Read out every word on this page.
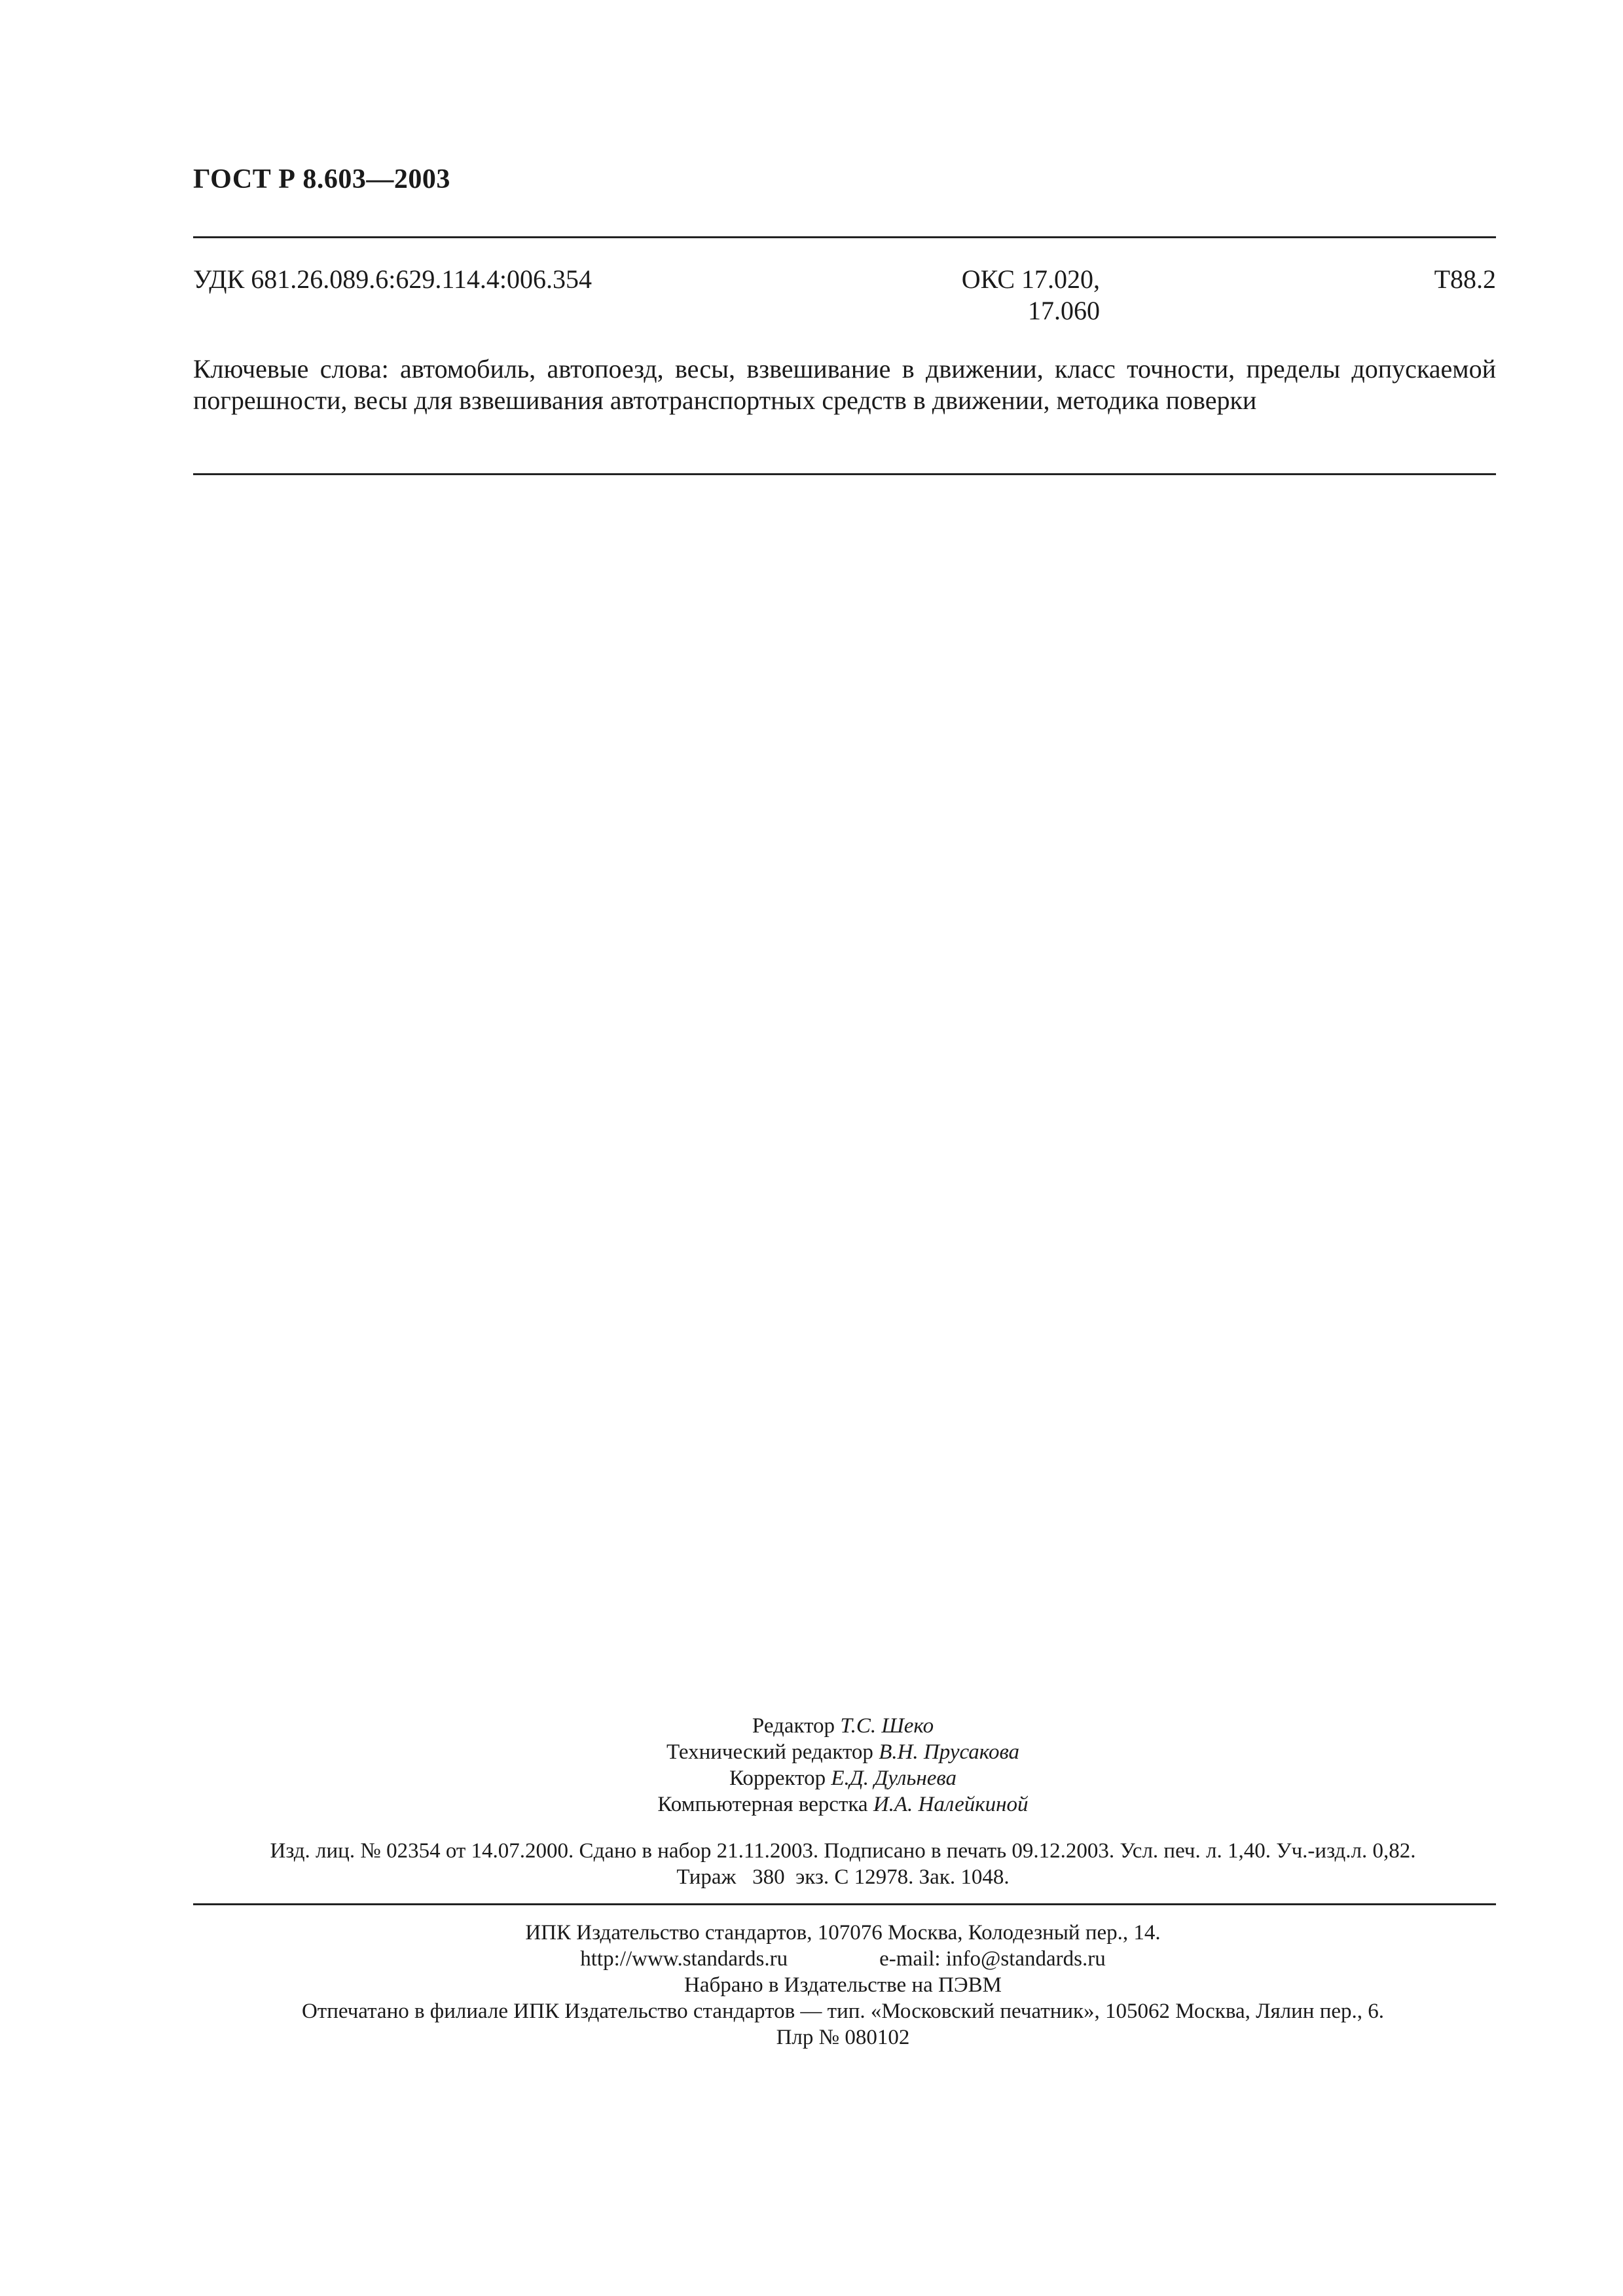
ГОСТ Р 8.603—2003
УДК 681.26.089.6:629.114.4:006.354	ОКС 17.020,
17.060
Т88.2
Ключевые слова: автомобиль, автопоезд, весы, взвешивание в движении, класс точности, пределы допускаемой погрешности, весы для взвешивания автотранспортных средств в движении, методика поверки
Редактор Т.С. Шеко
Технический редактор В.Н. Прусакова
Корректор Е.Д. Дульнева
Компьютерная верстка И.А. Налейкиной
Изд. лиц. № 02354 от 14.07.2000. Сдано в набор 21.11.2003. Подписано в печать 09.12.2003. Усл. печ. л. 1,40. Уч.-изд.л. 0,82.
Тираж   380  экз. С 12978. Зак. 1048.
ИПК Издательство стандартов, 107076 Москва, Колодезный пер., 14.
http://www.standards.ru	e-mail: info@standards.ru
Набрано в Издательстве на ПЭВМ
Отпечатано в филиале ИПК Издательство стандартов — тип. «Московский печатник», 105062 Москва, Лялин пер., 6.
Плр № 080102
